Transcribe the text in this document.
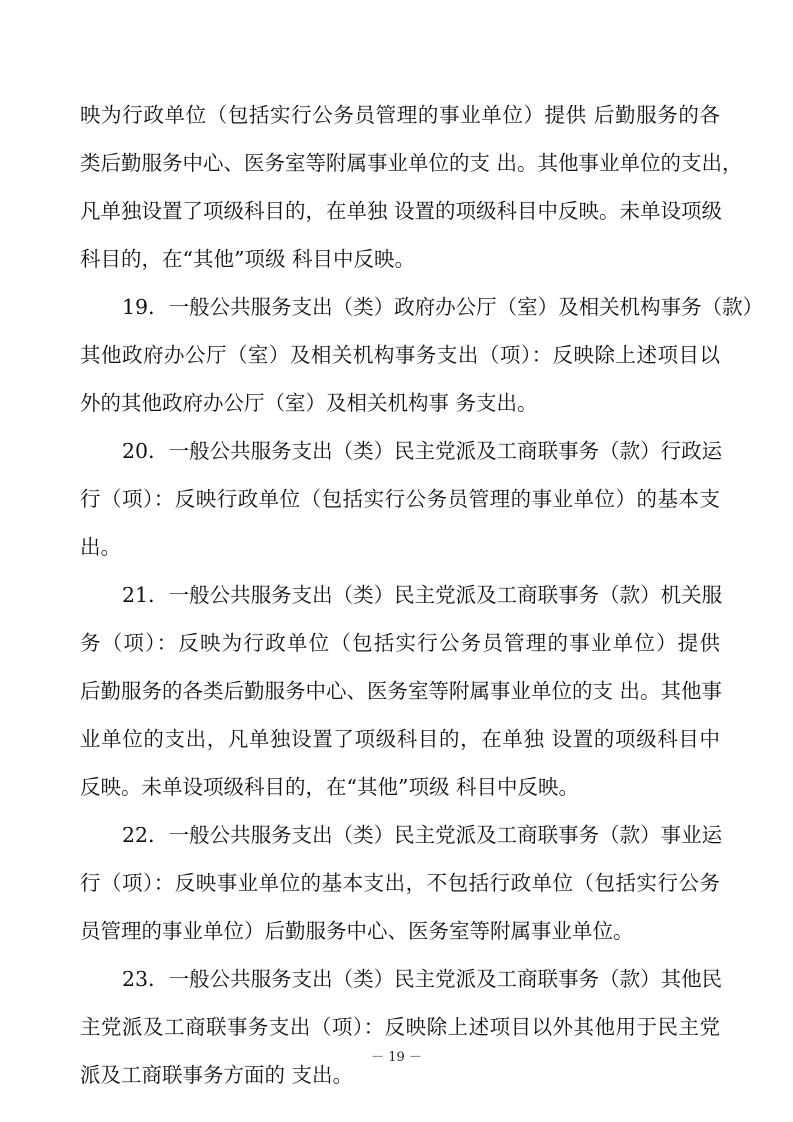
映为行政单位（包括实行公务员管理的事业单位）提供 后勤服务的各
类后勤服务中心、医务室等附属事业单位的支 出。其他事业单位的支出，
凡单独设置了项级科目的，在单独 设置的项级科目中反映。未单设项级
科目的，在“其他”项级 科目中反映。
19．一般公共服务支出（类）政府办公厅（室）及相关机构事务（款）
其他政府办公厅（室）及相关机构事务支出（项）：反映除上述项目以
外的其他政府办公厅（室）及相关机构事 务支出。
20．一般公共服务支出（类）民主党派及工商联事务（款）行政运
行（项）：反映行政单位（包括实行公务员管理的事业单位）的基本支
出。
21．一般公共服务支出（类）民主党派及工商联事务（款）机关服
务（项）：反映为行政单位（包括实行公务员管理的事业单位）提供
后勤服务的各类后勤服务中心、医务室等附属事业单位的支 出。其他事
业单位的支出，凡单独设置了项级科目的，在单独 设置的项级科目中
反映。未单设项级科目的，在“其他”项级 科目中反映。
22．一般公共服务支出（类）民主党派及工商联事务（款）事业运
行（项）：反映事业单位的基本支出，不包括行政单位（包括实行公务
员管理的事业单位）后勤服务中心、医务室等附属事业单位。
23．一般公共服务支出（类）民主党派及工商联事务（款）其他民
主党派及工商联事务支出（项）：反映除上述项目以外其他用于民主党
派及工商联事务方面的 支出。
－ 19 －
